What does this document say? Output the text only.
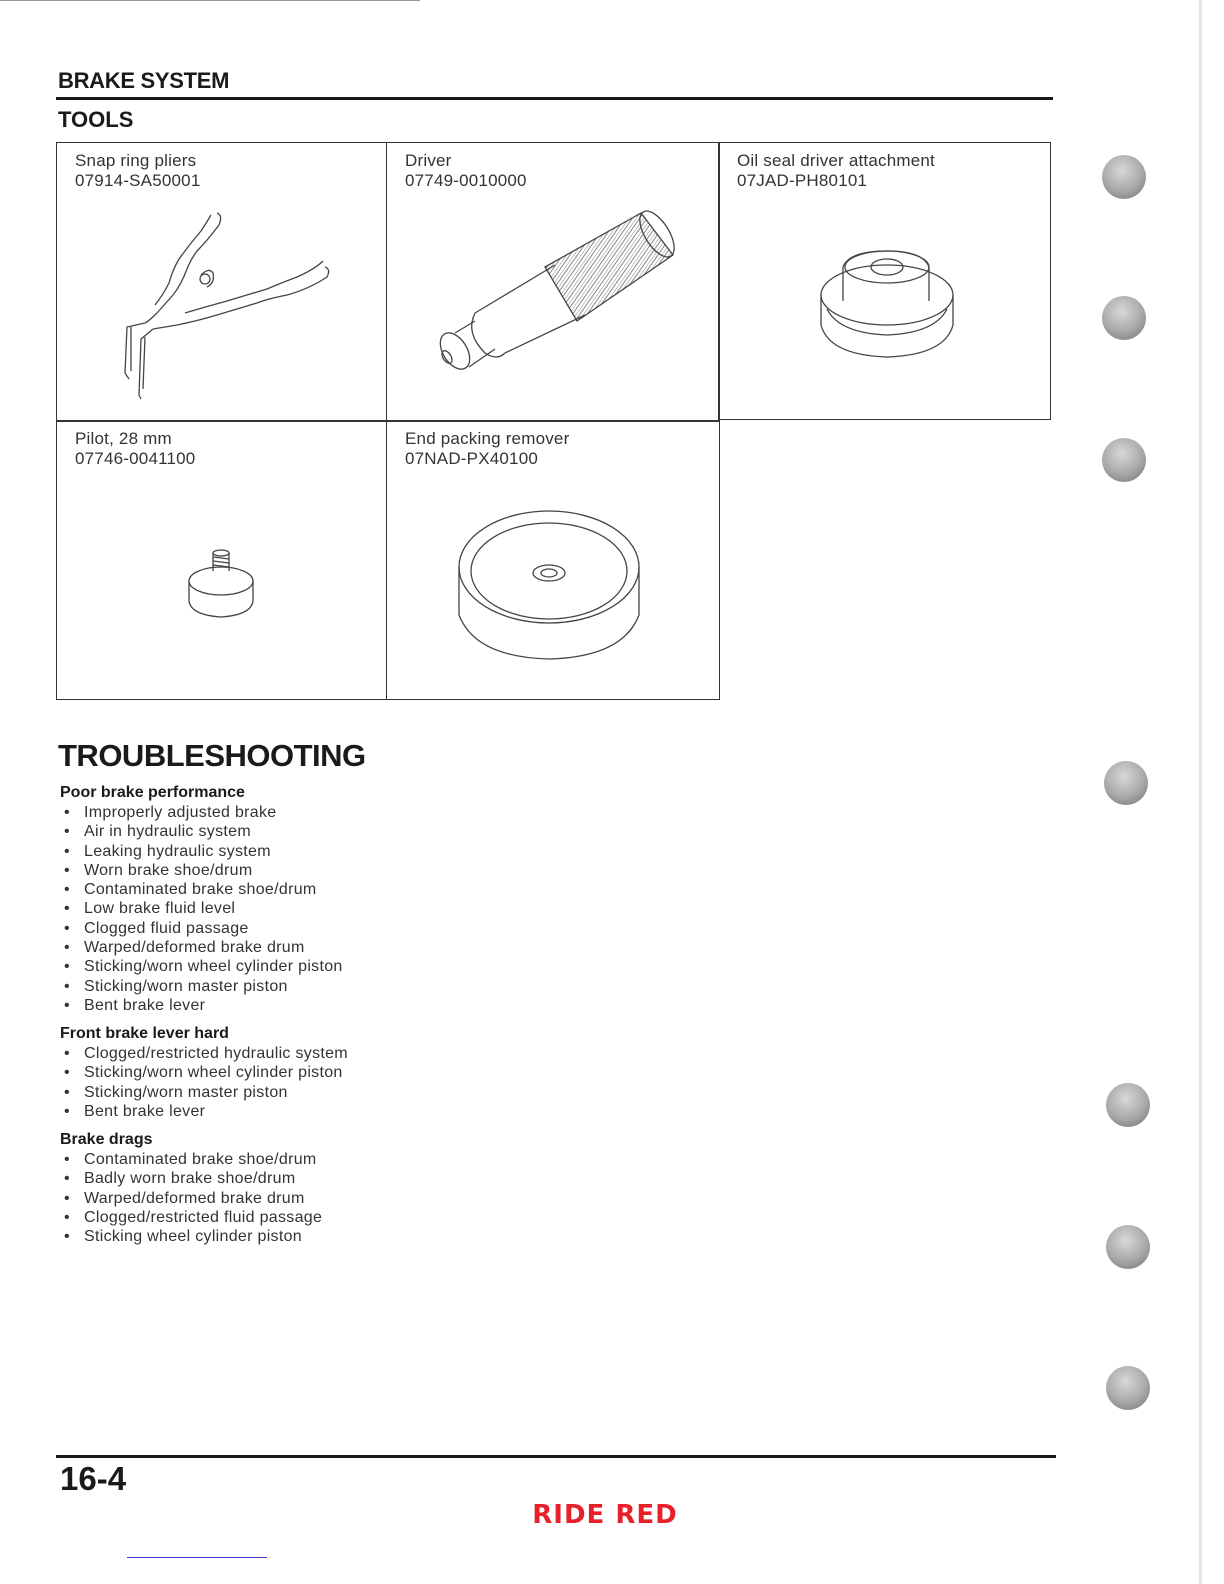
BRAKE SYSTEM
TOOLS
Snap ring pliers
07914-SA50001
Driver
07749-0010000
Oil seal driver attachment
07JAD-PH80101
Pilot, 28 mm
07746-0041100
End packing remover
07NAD-PX40100
TROUBLESHOOTING
Poor brake performance
• Improperly adjusted brake
• Air in hydraulic system
• Leaking hydraulic system
• Worn brake shoe/drum
• Contaminated brake shoe/drum
• Low brake fluid level
• Clogged fluid passage
• Warped/deformed brake drum
• Sticking/worn wheel cylinder piston
• Sticking/worn master piston
• Bent brake lever
Front brake lever hard
• Clogged/restricted hydraulic system
• Sticking/worn wheel cylinder piston
• Sticking/worn master piston
• Bent brake lever
Brake drags
• Contaminated brake shoe/drum
• Badly worn brake shoe/drum
• Warped/deformed brake drum
• Clogged/restricted fluid passage
• Sticking wheel cylinder piston
16-4
RIDE RED
